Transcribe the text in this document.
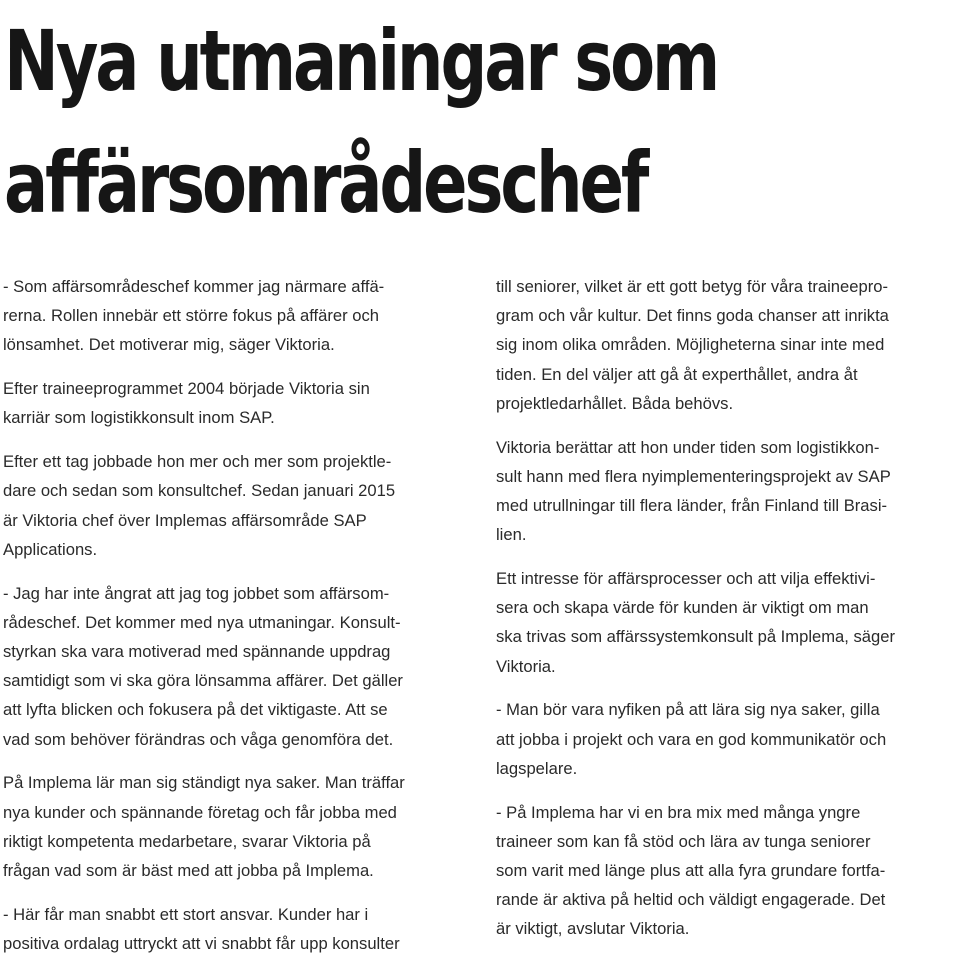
Nya utmaningar som
affärsområdeschef

- Som affärsområdeschef kommer jag närmare affä-
rerna. Rollen innebär ett större fokus på affärer och
lönsamhet. Det motiverar mig, säger Viktoria.

Efter traineeprogrammet 2004 började Viktoria sin
karriär som logistikkonsult inom SAP.

Efter ett tag jobbade hon mer och mer som projektle-
dare och sedan som konsultchef. Sedan januari 2015
är Viktoria chef över Implemas affärsområde SAP
Applications.

- Jag har inte ångrat att jag tog jobbet som affärsom-
rådeschef. Det kommer med nya utmaningar. Konsult-
styrkan ska vara motiverad med spännande uppdrag
samtidigt som vi ska göra lönsamma affärer. Det gäller
att lyfta blicken och fokusera på det viktigaste. Att se
vad som behöver förändras och våga genomföra det.

På Implema lär man sig ständigt nya saker. Man träffar
nya kunder och spännande företag och får jobba med
riktigt kompetenta medarbetare, svarar Viktoria på
frågan vad som är bäst med att jobba på Implema.

- Här får man snabbt ett stort ansvar. Kunder har i
positiva ordalag uttryckt att vi snabbt får upp konsulter

till seniorer, vilket är ett gott betyg för våra traineepro-
gram och vår kultur. Det finns goda chanser att inrikta
sig inom olika områden. Möjligheterna sinar inte med
tiden. En del väljer att gå åt experthållet, andra åt
projektledarhållet. Båda behövs.

Viktoria berättar att hon under tiden som logistikkon-
sult hann med flera nyimplementeringsprojekt av SAP
med utrullningar till flera länder, från Finland till Brasi-
lien.

Ett intresse för affärsprocesser och att vilja effektivi-
sera och skapa värde för kunden är viktigt om man
ska trivas som affärssystemkonsult på Implema, säger
Viktoria.

- Man bör vara nyfiken på att lära sig nya saker, gilla
att jobba i projekt och vara en god kommunikatör och
lagspelare.

- På Implema har vi en bra mix med många yngre
traineer som kan få stöd och lära av tunga seniorer
som varit med länge plus att alla fyra grundare fortfa-
rande är aktiva på heltid och väldigt engagerade. Det
är viktigt, avslutar Viktoria.
